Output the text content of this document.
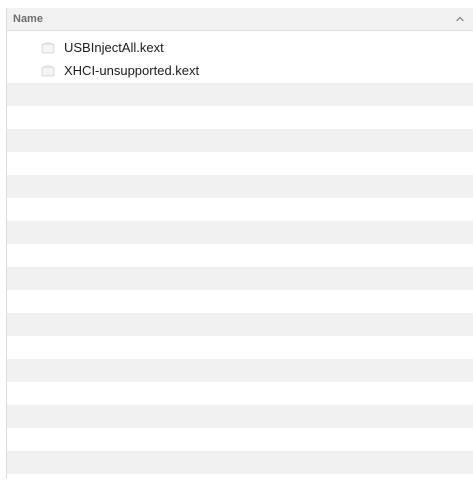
Name
USBInjectAll.kext
XHCI-unsupported.kext
